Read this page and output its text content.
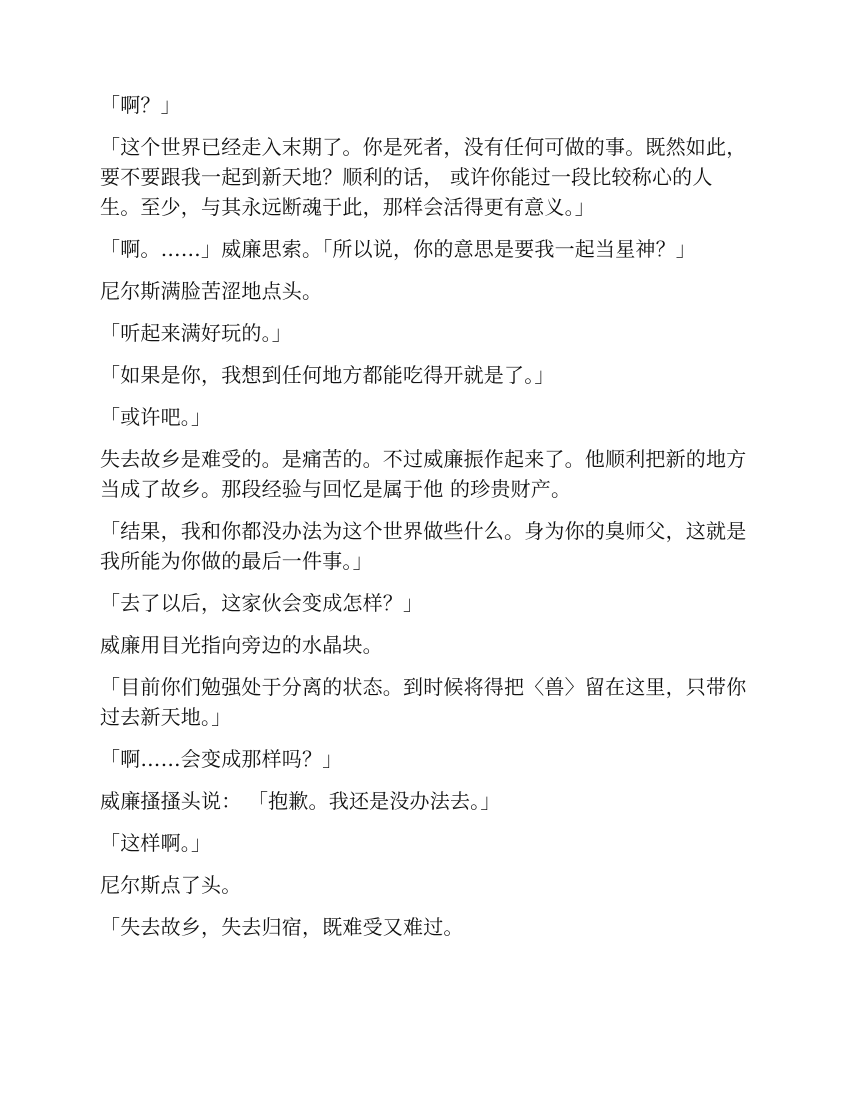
「啊？」

「这个世界已经走入末期了。你是死者，没有任何可做的事。既然如此，要不要跟我一起到新天地？顺利的话， 或许你能过一段比较称心的人生。至少，与其永远断魂于此，那样会活得更有意义。」

「啊。……」威廉思索。「所以说，你的意思是要我一起当星神？」

尼尔斯满脸苦涩地点头。

「听起来满好玩的。」

「如果是你，我想到任何地方都能吃得开就是了。」

「或许吧。」

失去故乡是难受的。是痛苦的。不过威廉振作起来了。他顺利把新的地方当成了故乡。那段经验与回忆是属于他 的珍贵财产。

「结果，我和你都没办法为这个世界做些什么。身为你的臭师父，这就是我所能为你做的最后一件事。」

「去了以后，这家伙会变成怎样？」

威廉用目光指向旁边的水晶块。

「目前你们勉强处于分离的状态。到时候将得把〈兽〉留在这里，只带你过去新天地。」

「啊……会变成那样吗？」

威廉搔搔头说： 「抱歉。我还是没办法去。」

「这样啊。」

尼尔斯点了头。

「失去故乡，失去归宿，既难受又难过。
